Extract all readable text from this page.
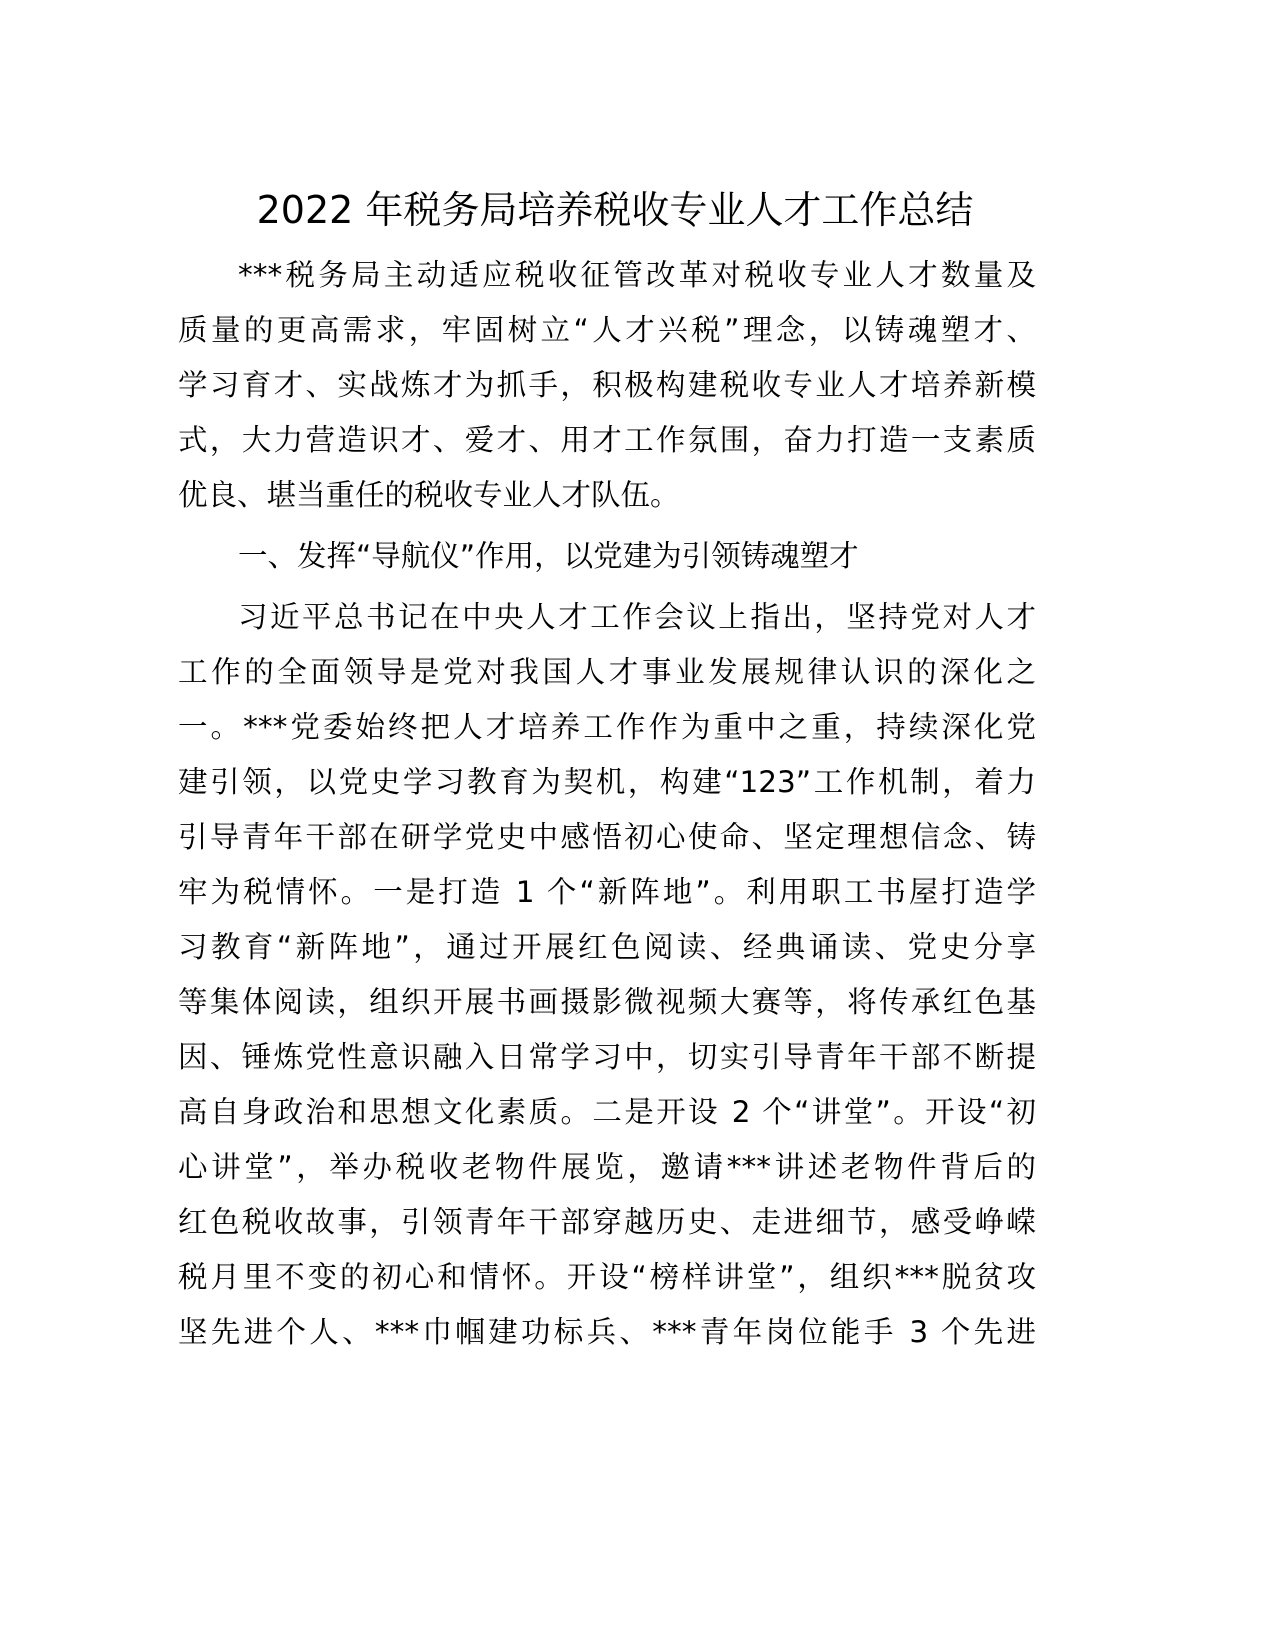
2022 年税务局培养税收专业人才工作总结
***税务局主动适应税收征管改革对税收专业人才数量及
质量的更高需求，牢固树立“人才兴税”理念，以铸魂塑才、
学习育才、实战炼才为抓手，积极构建税收专业人才培养新模
式，大力营造识才、爱才、用才工作氛围，奋力打造一支素质
优良、堪当重任的税收专业人才队伍。
一、发挥“导航仪”作用，以党建为引领铸魂塑才
习近平总书记在中央人才工作会议上指出，坚持党对人才
工作的全面领导是党对我国人才事业发展规律认识的深化之
一。***党委始终把人才培养工作作为重中之重，持续深化党
建引领，以党史学习教育为契机，构建“123”工作机制，着力
引导青年干部在研学党史中感悟初心使命、坚定理想信念、铸
牢为税情怀。一是打造 1 个“新阵地”。利用职工书屋打造学
习教育“新阵地”，通过开展红色阅读、经典诵读、党史分享
等集体阅读，组织开展书画摄影微视频大赛等，将传承红色基
因、锤炼党性意识融入日常学习中，切实引导青年干部不断提
高自身政治和思想文化素质。二是开设 2 个“讲堂”。开设“初
心讲堂”，举办税收老物件展览，邀请***讲述老物件背后的
红色税收故事，引领青年干部穿越历史、走进细节，感受峥嵘
税月里不变的初心和情怀。开设“榜样讲堂”，组织***脱贫攻
坚先进个人、***巾帼建功标兵、***青年岗位能手 3 个先进
